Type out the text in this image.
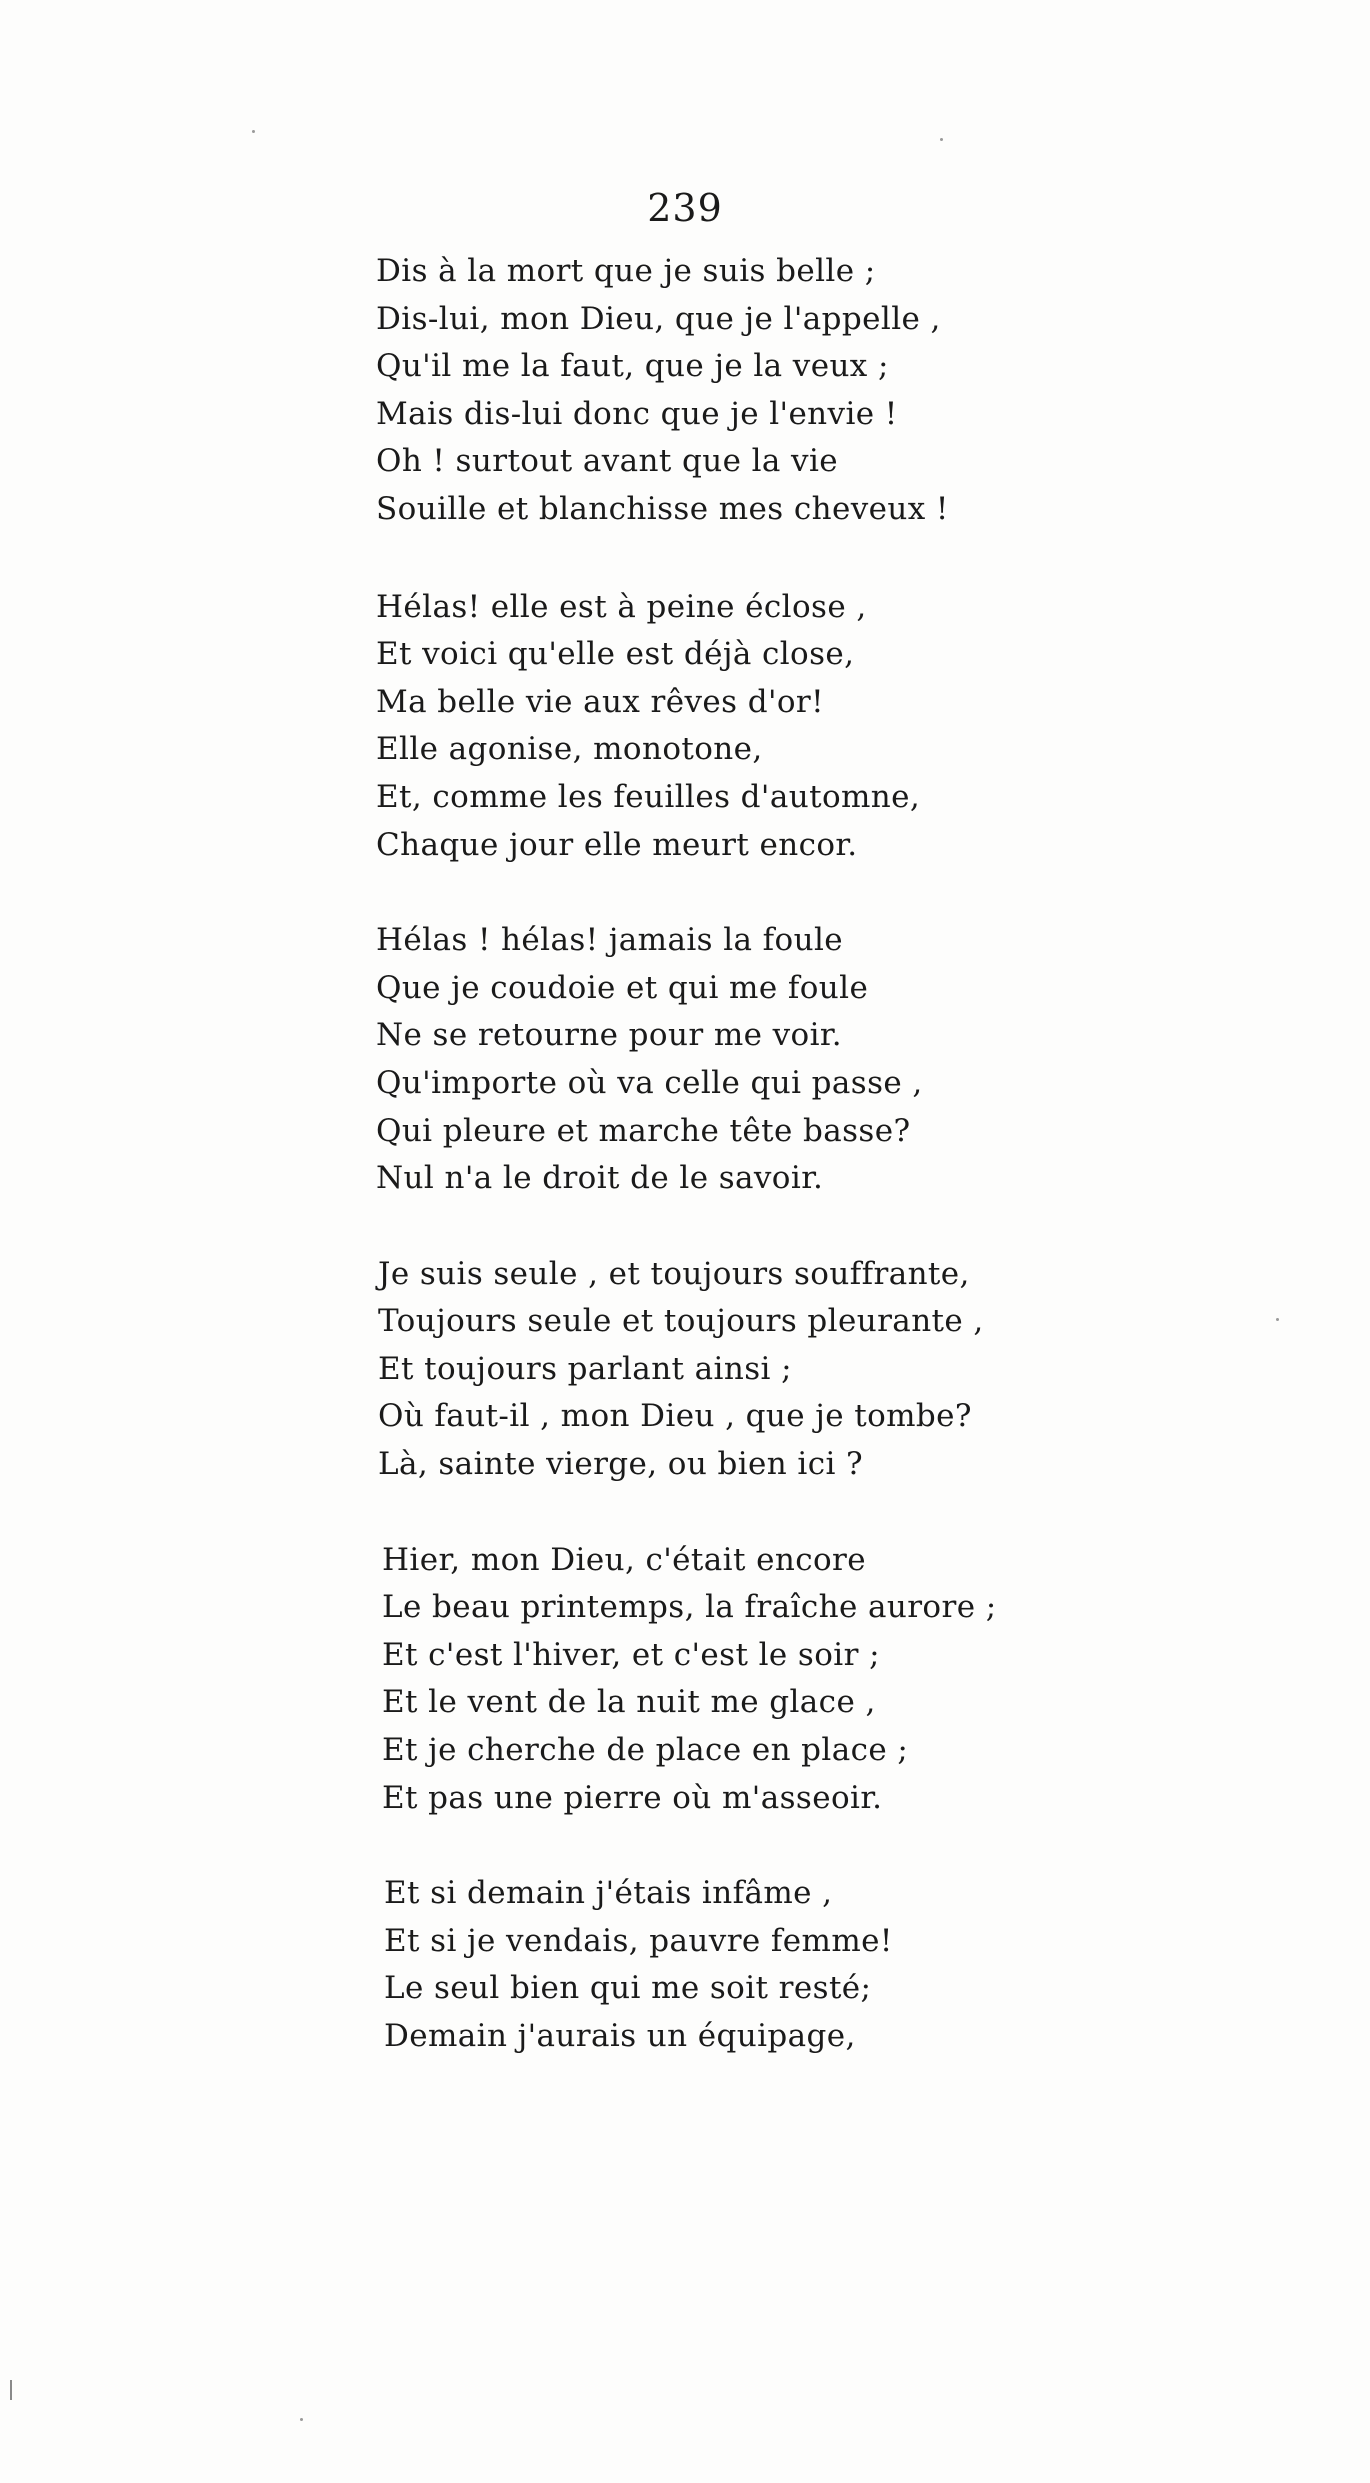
239
Dis à la mort que je suis belle ;
Dis-lui, mon Dieu, que je l'appelle ,
Qu'il me la faut, que je la veux ;
Mais dis-lui donc que je l'envie !
Oh ! surtout avant que la vie
Souille et blanchisse mes cheveux !
Hélas! elle est à peine éclose ,
Et voici qu'elle est déjà close,
Ma belle vie aux rêves d'or!
Elle agonise, monotone,
Et, comme les feuilles d'automne,
Chaque jour elle meurt encor.
Hélas ! hélas! jamais la foule
Que je coudoie et qui me foule
Ne se retourne pour me voir.
Qu'importe où va celle qui passe ,
Qui pleure et marche tête basse?
Nul n'a le droit de le savoir.
Je suis seule , et toujours souffrante,
Toujours seule et toujours pleurante ,
Et toujours parlant ainsi ;
Où faut-il , mon Dieu , que je tombe?
Là, sainte vierge, ou bien ici ?
Hier, mon Dieu, c'était encore
Le beau printemps, la fraîche aurore ;
Et c'est l'hiver, et c'est le soir ;
Et le vent de la nuit me glace ,
Et je cherche de place en place ;
Et pas une pierre où m'asseoir.
Et si demain j'étais infâme ,
Et si je vendais, pauvre femme!
Le seul bien qui me soit resté;
Demain j'aurais un équipage,
